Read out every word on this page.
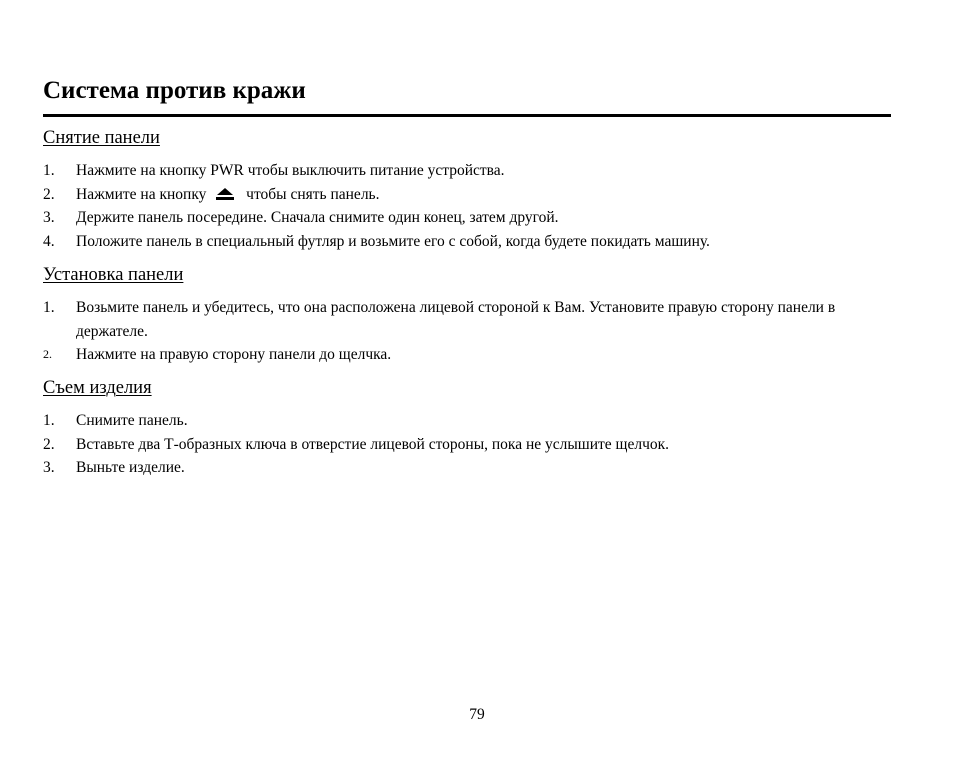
Система против кражи
Снятие панели
1. Нажмите на кнопку PWR чтобы выключить питание устройства.
2. Нажмите на кнопку	чтобы снять панель.
3. Держите панель посередине. Сначала снимите один конец, затем другой.
4. Положите панель в специальный футляр и возьмите его с собой, когда будете покидать машину.
Установка панели
1. Возьмите панель и убедитесь, что она расположена лицевой стороной к Вам. Установите правую сторону панели в держателе.
2. Нажмите на правую сторону панели до щелчка.
Съем изделия
1. Снимите панель.
2. Вставьте два Т-образных ключа в отверстие лицевой стороны, пока не услышите щелчок.
3. Выньте изделие.
79
